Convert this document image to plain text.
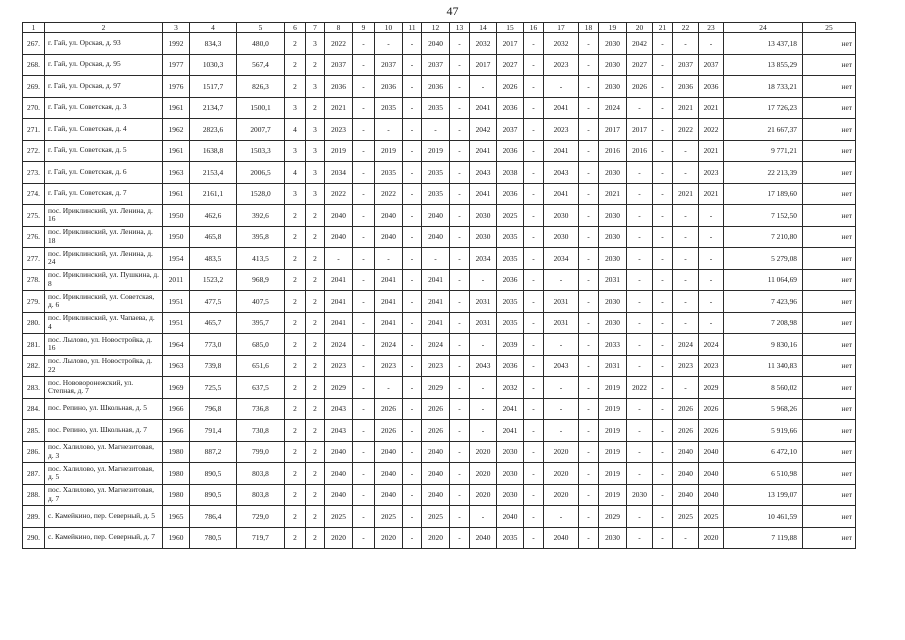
47
1	2	3	4	5	6	7	8	9	10	11	12	13	14	15	16	17	18	19	20	21	22	23	24	25
267.	г. Гай, ул. Орская, д. 93	1992	834,3	480,0	2	3	2022	-	-	-	2040	-	2032	2017	-	2032	-	2030	2042	-	-	-	13 437,18	нет
268.	г. Гай, ул. Орская, д. 95	1977	1030,3	567,4	2	2	2037	-	2037	-	2037	-	2017	2027	-	2023	-	2030	2027	-	2037	2037	13 855,29	нет
269.	г. Гай, ул. Орская, д. 97	1976	1517,7	826,3	2	3	2036	-	2036	-	2036	-	-	2026	-	-	-	2030	2026	-	2036	2036	18 733,21	нет
270.	г. Гай, ул. Советская, д. 3	1961	2134,7	1500,1	3	2	2021	-	2035	-	2035	-	2041	2036	-	2041	-	2024	-	-	2021	2021	17 726,23	нет
271.	г. Гай, ул. Советская, д. 4	1962	2823,6	2007,7	4	3	2023	-	-	-	-	-	2042	2037	-	2023	-	2017	2017	-	2022	2022	21 667,37	нет
272.	г. Гай, ул. Советская, д. 5	1961	1638,8	1503,3	3	3	2019	-	2019	-	2019	-	2041	2036	-	2041	-	2016	2016	-	-	2021	9 771,21	нет
273.	г. Гай, ул. Советская, д. 6	1963	2153,4	2006,5	4	3	2034	-	2035	-	2035	-	2043	2038	-	2043	-	2030	-	-	-	2023	22 213,39	нет
274.	г. Гай, ул. Советская, д. 7	1961	2161,1	1528,0	3	3	2022	-	2022	-	2035	-	2041	2036	-	2041	-	2021	-	-	2021	2021	17 189,60	нет
275.	пос. Ириклинский, ул. Ленина, д. 16	1950	462,6	392,6	2	2	2040	-	2040	-	2040	-	2030	2025	-	2030	-	2030	-	-	-	-	7 152,50	нет
276.	пос. Ириклинский, ул. Ленина, д. 18	1950	465,8	395,8	2	2	2040	-	2040	-	2040	-	2030	2035	-	2030	-	2030	-	-	-	-	7 210,80	нет
277.	пос. Ириклинский, ул. Ленина, д. 24	1954	483,5	413,5	2	2	-	-	-	-	-	-	2034	2035	-	2034	-	2030	-	-	-	-	5 279,08	нет
278.	пос. Ириклинский, ул. Пушкина, д. 8	2011	1523,2	968,9	2	2	2041	-	2041	-	2041	-	-	2036	-	-	-	2031	-	-	-	-	11 064,69	нет
279.	пос. Ириклинский, ул. Советская, д. 6	1951	477,5	407,5	2	2	2041	-	2041	-	2041	-	2031	2035	-	2031	-	2030	-	-	-	-	7 423,96	нет
280.	пос. Ириклинский, ул. Чапаева, д. 4	1951	465,7	395,7	2	2	2041	-	2041	-	2041	-	2031	2035	-	2031	-	2030	-	-	-	-	7 208,98	нет
281.	пос. Лылово, ул. Новостройка, д. 16	1964	773,0	685,0	2	2	2024	-	2024	-	2024	-	-	2039	-	-	-	2033	-	-	2024	2024	9 830,16	нет
282.	пос. Лылово, ул. Новостройка, д. 22	1963	739,8	651,6	2	2	2023	-	2023	-	2023	-	2043	2036	-	2043	-	2031	-	-	2023	2023	11 340,83	нет
283.	пос. Нововоронежский, ул. Степная, д. 7	1969	725,5	637,5	2	2	2029	-	-	-	2029	-	-	2032	-	-	-	2019	2022	-	-	2029	8 560,02	нет
284.	пос. Репино, ул. Школьная, д. 5	1966	796,8	736,8	2	2	2043	-	2026	-	2026	-	-	2041	-	-	-	2019	-	-	2026	2026	5 968,26	нет
285.	пос. Репино, ул. Школьная, д. 7	1966	791,4	730,8	2	2	2043	-	2026	-	2026	-	-	2041	-	-	-	2019	-	-	2026	2026	5 919,66	нет
286.	пос. Халилово, ул. Магнезитовая, д. 3	1980	887,2	799,0	2	2	2040	-	2040	-	2040	-	2020	2030	-	2020	-	2019	-	-	2040	2040	6 472,10	нет
287.	пос. Халилово, ул. Магнезитовая, д. 5	1980	890,5	803,8	2	2	2040	-	2040	-	2040	-	2020	2030	-	2020	-	2019	-	-	2040	2040	6 510,98	нет
288.	пос. Халилово, ул. Магнезитовая, д. 7	1980	890,5	803,8	2	2	2040	-	2040	-	2040	-	2020	2030	-	2020	-	2019	2030	-	2040	2040	13 199,07	нет
289.	с. Камейкино, пер. Северный, д. 5	1965	786,4	729,0	2	2	2025	-	2025	-	2025	-	-	2040	-	-	-	2029	-	-	2025	2025	10 461,59	нет
290.	с. Камейкино, пер. Северный, д. 7	1960	780,5	719,7	2	2	2020	-	2020	-	2020	-	2040	2035	-	2040	-	2030	-	-	-	2020	7 119,88	нет
